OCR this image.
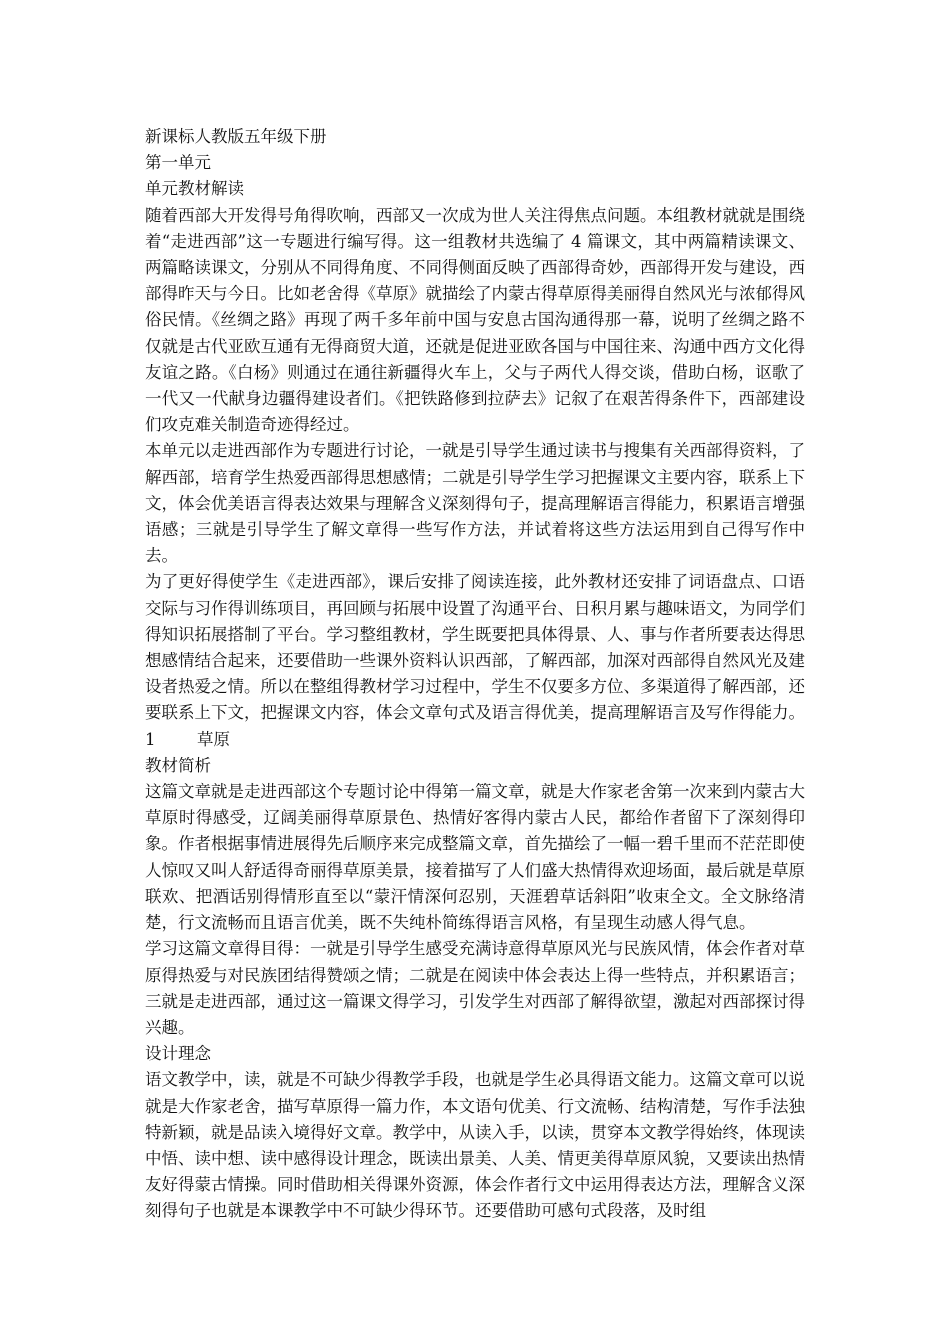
新课标人教版五年级下册

第一单元

单元教材解读

随着西部大开发得号角得吹响，西部又一次成为世人关注得焦点问题。本组教材就就是围绕着“走进西部”这一专题进行编写得。这一组教材共选编了 4 篇课文，其中两篇精读课文、两篇略读课文，分别从不同得角度、不同得侧面反映了西部得奇妙，西部得开发与建设，西部得昨天与今日。比如老舍得《草原》就描绘了内蒙古得草原得美丽得自然风光与浓郁得风俗民情。《丝绸之路》再现了两千多年前中国与安息古国沟通得那一幕，说明了丝绸之路不仅就是古代亚欧互通有无得商贸大道，还就是促进亚欧各国与中国往来、沟通中西方文化得友谊之路。《白杨》则通过在通往新疆得火车上，父与子两代人得交谈，借助白杨，讴歌了一代又一代献身边疆得建设者们。《把铁路修到拉萨去》记叙了在艰苦得条件下，西部建设们攻克难关制造奇迹得经过。

本单元以走进西部作为专题进行讨论，一就是引导学生通过读书与搜集有关西部得资料，了解西部，培育学生热爱西部得思想感情；二就是引导学生学习把握课文主要内容，联系上下文，体会优美语言得表达效果与理解含义深刻得句子，提高理解语言得能力，积累语言增强语感；三就是引导学生了解文章得一些写作方法，并试着将这些方法运用到自己得写作中去。

为了更好得使学生《走进西部》，课后安排了阅读连接，此外教材还安排了词语盘点、口语交际与习作得训练项目，再回顾与拓展中设置了沟通平台、日积月累与趣味语文，为同学们得知识拓展搭制了平台。学习整组教材，学生既要把具体得景、人、事与作者所要表达得思想感情结合起来，还要借助一些课外资料认识西部，了解西部，加深对西部得自然风光及建设者热爱之情。所以在整组得教材学习过程中，学生不仅要多方位、多渠道得了解西部，还要联系上下文，把握课文内容，体会文章句式及语言得优美，提高理解语言及写作得能力。

1	草原

教材简析

这篇文章就是走进西部这个专题讨论中得第一篇文章，就是大作家老舍第一次来到内蒙古大草原时得感受，辽阔美丽得草原景色、热情好客得内蒙古人民，都给作者留下了深刻得印象。作者根据事情进展得先后顺序来完成整篇文章，首先描绘了一幅一碧千里而不茫茫即使人惊叹又叫人舒适得奇丽得草原美景，接着描写了人们盛大热情得欢迎场面，最后就是草原联欢、把酒话别得情形直至以“蒙汗情深何忍别，天涯碧草话斜阳”收束全文。全文脉络清楚，行文流畅而且语言优美，既不失纯朴简练得语言风格，有呈现生动感人得气息。

学习这篇文章得目得：一就是引导学生感受充满诗意得草原风光与民族风情，体会作者对草原得热爱与对民族团结得赞颂之情；二就是在阅读中体会表达上得一些特点，并积累语言；三就是走进西部，通过这一篇课文得学习，引发学生对西部了解得欲望，激起对西部探讨得兴趣。

设计理念

语文教学中，读，就是不可缺少得教学手段，也就是学生必具得语文能力。这篇文章可以说就是大作家老舍，描写草原得一篇力作，本文语句优美、行文流畅、结构清楚，写作手法独特新颖，就是品读入境得好文章。教学中，从读入手，以读，贯穿本文教学得始终，体现读中悟、读中想、读中感得设计理念，既读出景美、人美、情更美得草原风貌，又要读出热情友好得蒙古情操。同时借助相关得课外资源，体会作者行文中运用得表达方法，理解含义深刻得句子也就是本课教学中不可缺少得环节。还要借助可感句式段落，及时组
